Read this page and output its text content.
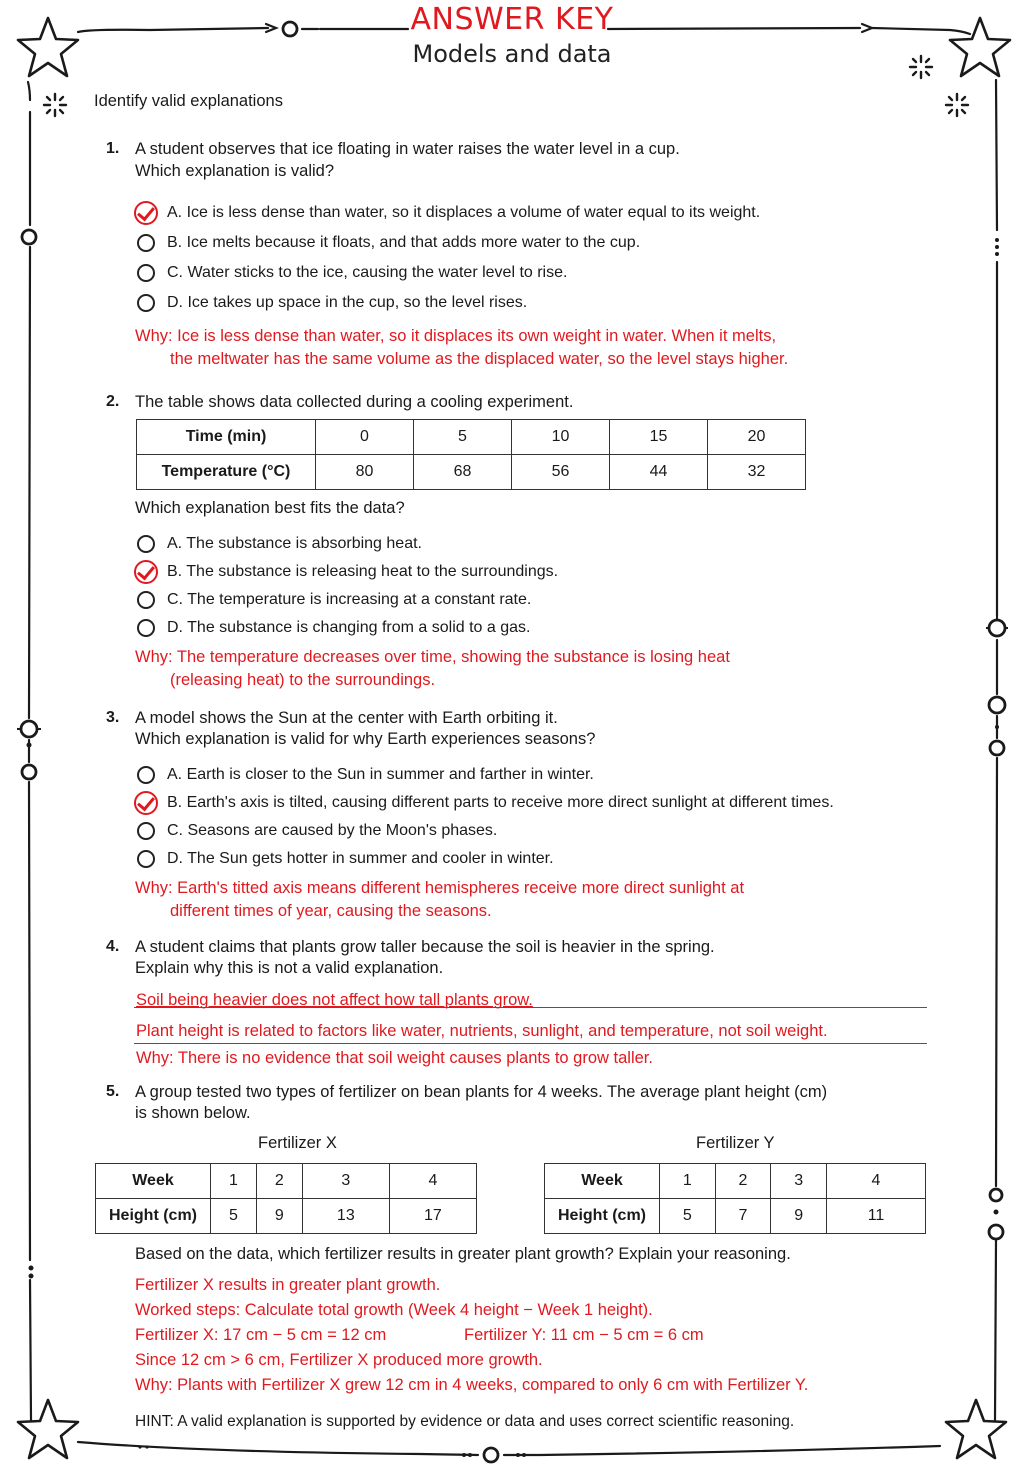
ANSWER KEY
Models and data
Identify valid explanations
1. A student observes that ice floating in water raises the water level in a cup.
Which explanation is valid?
A. Ice is less dense than water, so it displaces a volume of water equal to its weight.
B. Ice melts because it floats, and that adds more water to the cup.
C. Water sticks to the ice, causing the water level to rise.
D. Ice takes up space in the cup, so the level rises.
Why: Ice is less dense than water, so it displaces its own weight in water. When it melts,
the meltwater has the same volume as the displaced water, so the level stays higher.
2. The table shows data collected during a cooling experiment.
Time (min)	0	5	10	15	20
Temperature (°C)	80	68	56	44	32
Which explanation best fits the data?
A. The substance is absorbing heat.
B. The substance is releasing heat to the surroundings.
C. The temperature is increasing at a constant rate.
D. The substance is changing from a solid to a gas.
Why: The temperature decreases over time, showing the substance is losing heat
(releasing heat) to the surroundings.
3. A model shows the Sun at the center with Earth orbiting it.
Which explanation is valid for why Earth experiences seasons?
A. Earth is closer to the Sun in summer and farther in winter.
B. Earth's axis is tilted, causing different parts to receive more direct sunlight at different times.
C. Seasons are caused by the Moon's phases.
D. The Sun gets hotter in summer and cooler in winter.
Why: Earth's titted axis means different hemispheres receive more direct sunlight at
different times of year, causing the seasons.
4. A student claims that plants grow taller because the soil is heavier in the spring.
Explain why this is not a valid explanation.
Soil being heavier does not affect how tall plants grow.
Plant height is related to factors like water, nutrients, sunlight, and temperature, not soil weight.
Why: There is no evidence that soil weight causes plants to grow taller.
5. A group tested two types of fertilizer on bean plants for 4 weeks. The average plant height (cm)
is shown below.
Fertilizer X	Fertilizer Y
Week	1	2	3	4
Height (cm)	5	9	13	17
Week	1	2	3	4
Height (cm)	5	7	9	11
Based on the data, which fertilizer results in greater plant growth? Explain your reasoning.
Fertilizer X results in greater plant growth.
Worked steps: Calculate total growth (Week 4 height − Week 1 height).
Fertilizer X: 17 cm − 5 cm = 12 cm	Fertilizer Y: 11 cm − 5 cm = 6 cm
Since 12 cm > 6 cm, Fertilizer X produced more growth.
Why: Plants with Fertilizer X grew 12 cm in 4 weeks, compared to only 6 cm with Fertilizer Y.
HINT: A valid explanation is supported by evidence or data and uses correct scientific reasoning.
